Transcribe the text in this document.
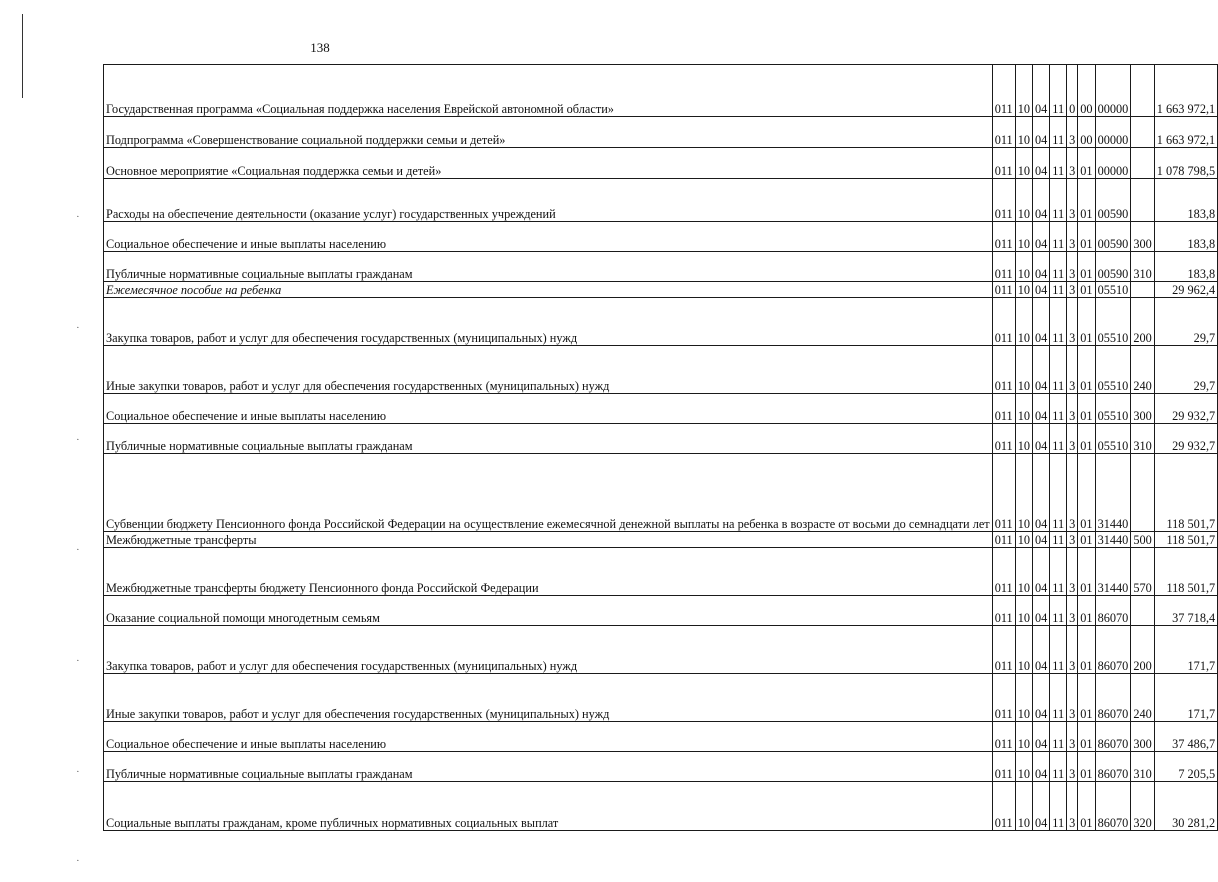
·
·
·
·
·
·
·
138
Государственная программа «Социальная поддержка населения Еврейской автономной области»	011	10	04	11	0	00	00000		1 663 972,1
Подпрограмма «Совершенствование социальной поддержки семьи и детей»	011	10	04	11	3	00	00000		1 663 972,1
Основное мероприятие «Социальная поддержка семьи и детей»	011	10	04	11	3	01	00000		1 078 798,5
Расходы на обеспечение деятельности (оказание услуг) государственных учреждений	011	10	04	11	3	01	00590		183,8
Социальное обеспечение и иные выплаты населению	011	10	04	11	3	01	00590	300	183,8
Публичные нормативные социальные выплаты гражданам	011	10	04	11	3	01	00590	310	183,8
Ежемесячное пособие на ребенка	011	10	04	11	3	01	05510		29 962,4
Закупка товаров, работ и услуг для обеспечения государственных (муниципальных) нужд	011	10	04	11	3	01	05510	200	29,7
Иные закупки товаров, работ и услуг для обеспечения государственных (муниципальных) нужд	011	10	04	11	3	01	05510	240	29,7
Социальное обеспечение и иные выплаты населению	011	10	04	11	3	01	05510	300	29 932,7
Публичные нормативные социальные выплаты гражданам	011	10	04	11	3	01	05510	310	29 932,7
Субвенции бюджету Пенсионного фонда Российской Федерации на осуществление ежемесячной денежной выплаты на ребенка в возрасте от восьми до семнадцати лет	011	10	04	11	3	01	31440		118 501,7
Межбюджетные трансферты	011	10	04	11	3	01	31440	500	118 501,7
Межбюджетные трансферты бюджету Пенсионного фонда Российской Федерации	011	10	04	11	3	01	31440	570	118 501,7
Оказание социальной помощи многодетным семьям	011	10	04	11	3	01	86070		37 718,4
Закупка товаров, работ и услуг для обеспечения государственных (муниципальных) нужд	011	10	04	11	3	01	86070	200	171,7
Иные закупки товаров, работ и услуг для обеспечения государственных (муниципальных) нужд	011	10	04	11	3	01	86070	240	171,7
Социальное обеспечение и иные выплаты населению	011	10	04	11	3	01	86070	300	37 486,7
Публичные нормативные социальные выплаты гражданам	011	10	04	11	3	01	86070	310	7 205,5
Социальные выплаты гражданам, кроме публичных нормативных социальных выплат	011	10	04	11	3	01	86070	320	30 281,2
